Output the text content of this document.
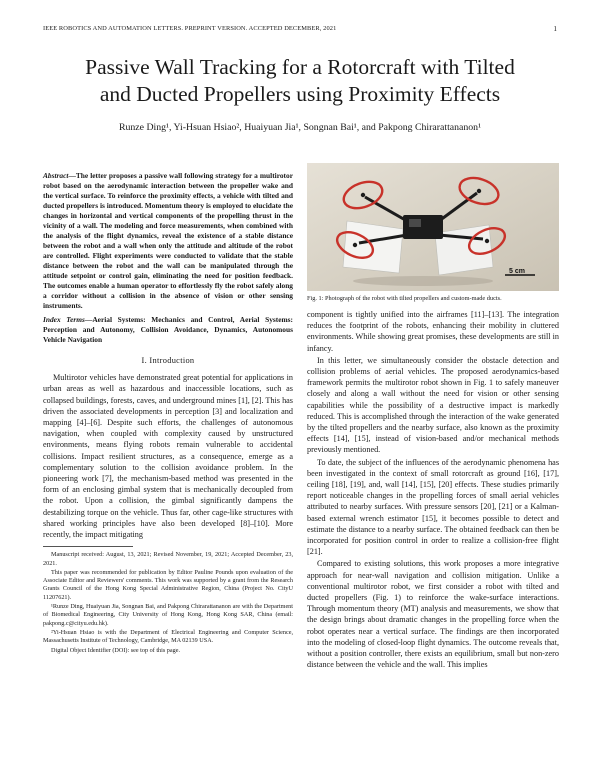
IEEE ROBOTICS AND AUTOMATION LETTERS. PREPRINT VERSION. ACCEPTED DECEMBER, 2021	1
Passive Wall Tracking for a Rotorcraft with Tilted
and Ducted Propellers using Proximity Effects
Runze Ding¹, Yi-Hsuan Hsiao², Huaiyuan Jia¹, Songnan Bai¹, and Pakpong Chirarattananon¹

Abstract—The letter proposes a passive wall following strategy for a multirotor robot based on the aerodynamic interaction between the propeller wake and the vertical surface. To reinforce the proximity effects, a vehicle with tilted and ducted propellers is introduced. Momentum theory is employed to elucidate the changes in horizontal and vertical components of the propelling thrust in the vicinity of a wall. The modeling and force measurements, when combined with the analysis of the flight dynamics, reveal the existence of a stable distance between the robot and a wall when only the attitude and altitude of the robot are controlled. Flight experiments were conducted to validate that the stable distance between the robot and the wall can be manipulated through the attitude setpoint or control gain, eliminating the need for position feedback. The outcomes enable a human operator to effortlessly fly the robot safely along a corridor without a collision in the absence of vision or other sensing instruments.

Index Terms—Aerial Systems: Mechanics and Control, Aerial Systems: Perception and Autonomy, Collision Avoidance, Dynamics, Autonomous Vehicle Navigation

I. Introduction

Multirotor vehicles have demonstrated great potential for applications in urban areas as well as hazardous and inaccessible locations, such as collapsed buildings, forests, caves, and underground mines [1], [2]. This has driven the associated developments in perception [3] and localization and mapping [4]–[6]. Despite such efforts, the challenges of autonomous navigation, when coupled with complexity caused by unstructured environments, means flying robots remain vulnerable to accidental collisions. Impact resilient structures, as a consequence, emerge as a complementary solution to the collision avoidance problem. In the pioneering work [7], the mechanism-based method was presented in the form of an enclosing gimbal system that is mechanically decoupled from the robot. Upon a collision, the gimbal significantly dampens the destabilizing torque on the vehicle. Thus far, other cage-like structures with shared working principles have also been developed [8]–[10]. More recently, the impact mitigating

Manuscript received: August, 13, 2021; Revised November, 19, 2021; Accepted December, 23, 2021.

This paper was recommended for publication by Editor Pauline Pounds upon evaluation of the Associate Editor and Reviewers' comments. This work was supported by a grant from the Research Grants Council of the Hong Kong Special Administrative Region, China (Project No. CityU 11207621).

¹Runze Ding, Huaiyuan Jia, Songnan Bai, and Pakpong Chirarattananon are with the Department of Biomedical Engineering, City University of Hong Kong, Hong Kong SAR, China (email: pakpong.c@cityu.edu.hk).

²Yi-Hsuan Hsiao is with the Department of Electrical Engineering and Computer Science, Massachusetts Institute of Technology, Cambridge, MA 02139 USA.

Digital Object Identifier (DOI): see top of this page.

5 cm

Fig. 1: Photograph of the robot with tilted propellers and custom-made ducts.

component is tightly unified into the airframes [11]–[13]. The integration reduces the footprint of the robots, enhancing their mobility in cluttered environments. While showing great promises, these developments are still in infancy.

In this letter, we simultaneously consider the obstacle detection and collision problems of aerial vehicles. The proposed aerodynamics-based framework permits the multirotor robot shown in Fig. 1 to safely maneuver closely and along a wall without the need for vision or other sensing capabilities while the possibility of a destructive impact is markedly reduced. This is accomplished through the interaction of the wake generated by the tilted propellers and the nearby surface, also known as the proximity effects [14], [15], instead of vision-based and/or mechanical methods previously mentioned.

To date, the subject of the influences of the aerodynamic phenomena has been investigated in the context of small rotorcraft as ground [16], [17], ceiling [18], [19], and, wall [14], [15], [20] effects. These studies primarily report noticeable changes in the propelling forces of small aerial vehicles attributed to nearby surfaces. With pressure sensors [20], [21] or a Kalman-based external wrench estimator [15], it becomes possible to detect and estimate the distance to a nearby surface. The obtained feedback can then be incorporated for position control in order to realize a collision-free flight [21].

Compared to existing solutions, this work proposes a more integrative approach for near-wall navigation and collision mitigation. Unlike a conventional multirotor robot, we first consider a robot with tilted and ducted propellers (Fig. 1) to reinforce the wake-surface interactions. Through momentum theory (MT) analysis and measurements, we show that the design brings about dramatic changes in the propelling force when the robot operates near a vertical surface. The findings are then incorporated into the modeling of closed-loop flight dynamics. The outcome reveals that, without a position controller, there exists an equilibrium, small but non-zero distance between the vehicle and the wall. This implies
